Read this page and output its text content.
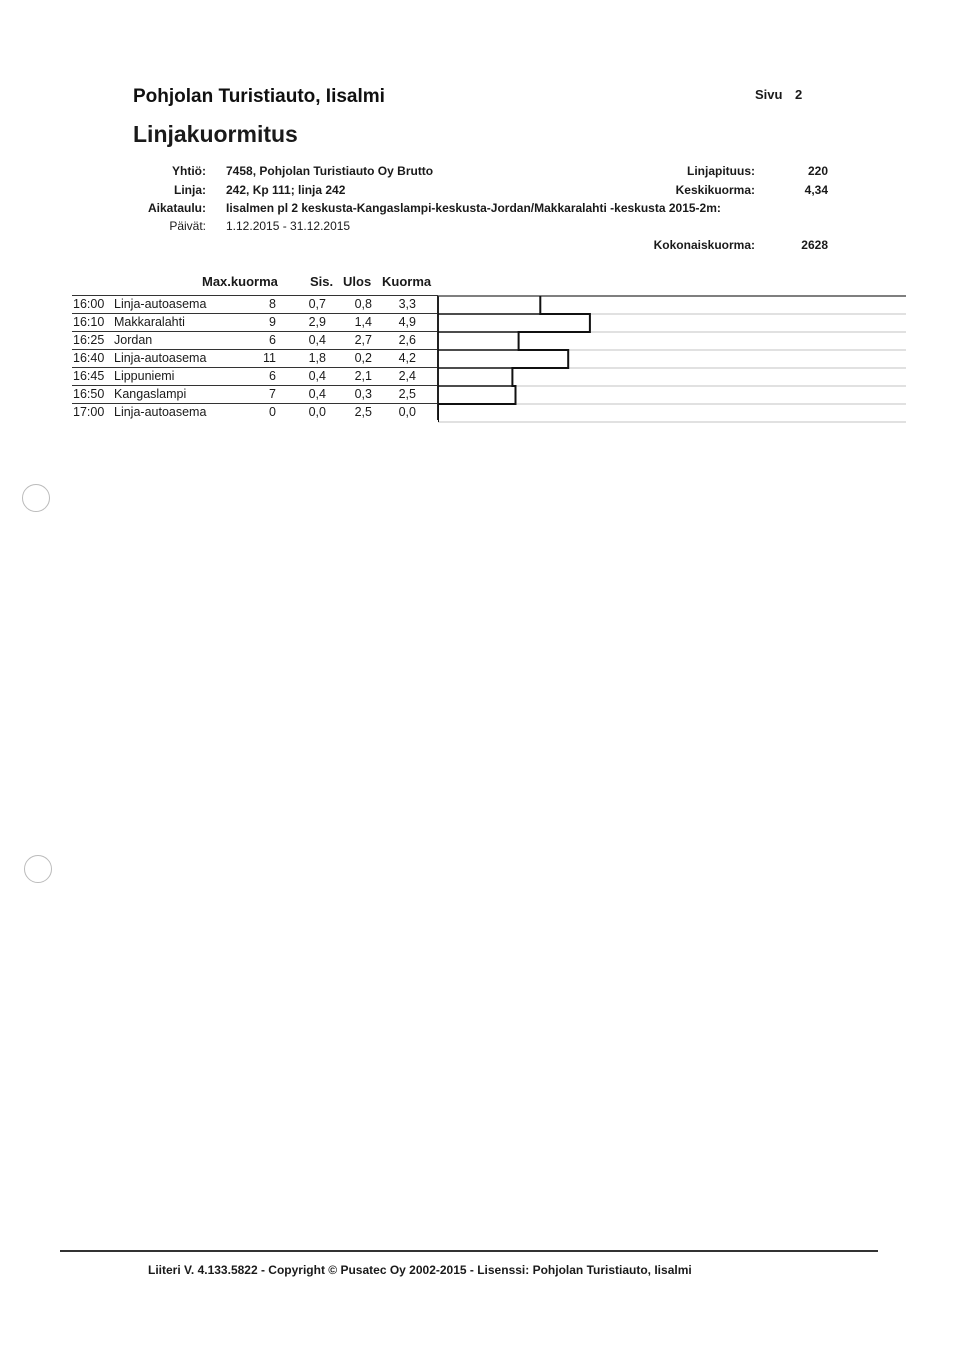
Pohjolan Turistiauto, Iisalmi	Sivu 2
Linjakuormitus
Yhtiö: 7458, Pohjolan Turistiauto Oy Brutto
Linja: 242, Kp 111; linja 242
Aikataulu: Iisalmen pl 2 keskusta-Kangaslampi-keskusta-Jordan/Makkaralahti -keskusta 2015-2m:
Päivät: 1.12.2015 - 31.12.2015
Linjapituus:	220
Keskikuorma:	4,34
Kokonaiskuorma:	2628
Max.kuorma Sis. Ulos Kuorma
16:00 Linja-autoasema	8	0,7 0,8 3,3
16:10 Makkaralahti	9	2,9 1,4 4,9
16:25 Jordan	6	0,4 2,7 2,6
16:40 Linja-autoasema	11	1,8 0,2 4,2
16:45 Lippuniemi	6	0,4 2,1 2,4
16:50 Kangaslampi	7	0,4 0,3 2,5
17:00 Linja-autoasema	0	0,0 2,5 0,0
Liiteri V. 4.133.5822 - Copyright © Pusatec Oy 2002-2015 - Lisenssi: Pohjolan Turistiauto, Iisalmi
